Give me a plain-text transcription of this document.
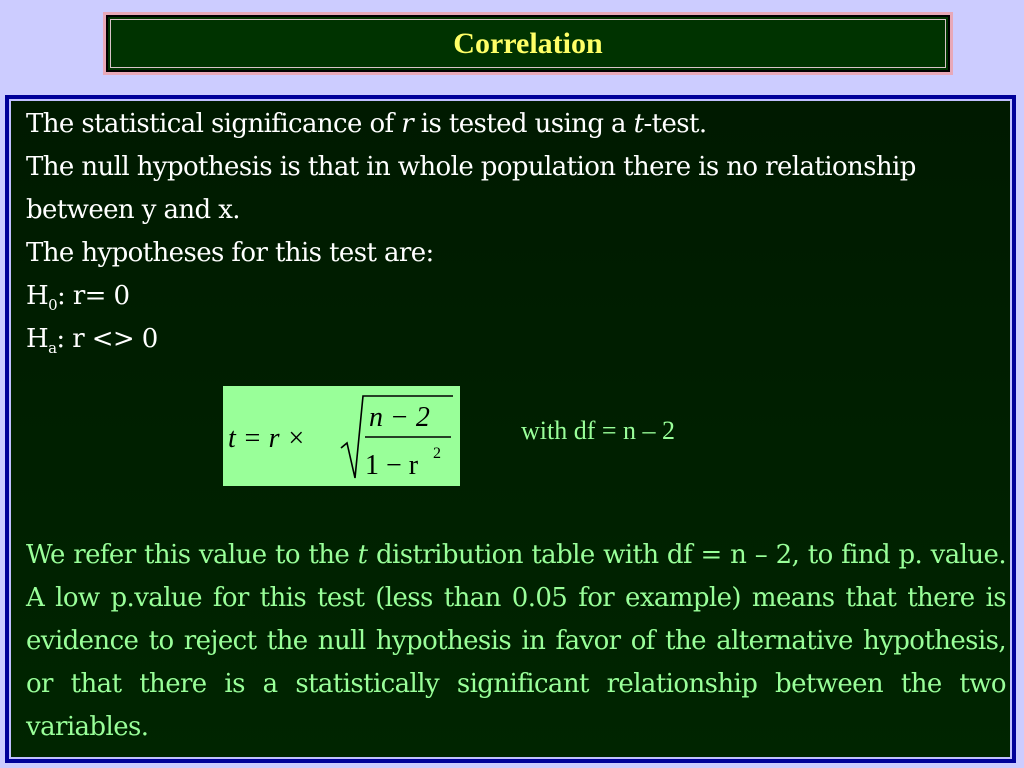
Correlation
The statistical significance of r is tested using a t-test.
The null hypothesis is that in whole population there is no relationship
between y and x.
The hypotheses for this test are:
$H_0$: r= 0
$H_a$: r <> 0
t = r ×
n − 2
1 − r 2
with df = n – 2
We refer this value to the t distribution table with df = n – 2, to find p. value. A low p.value for this test (less than 0.05 for example) means that there is evidence to reject the null hypothesis in favor of the alternative hypothesis, or that there is a statistically significant relationship between the two variables.
